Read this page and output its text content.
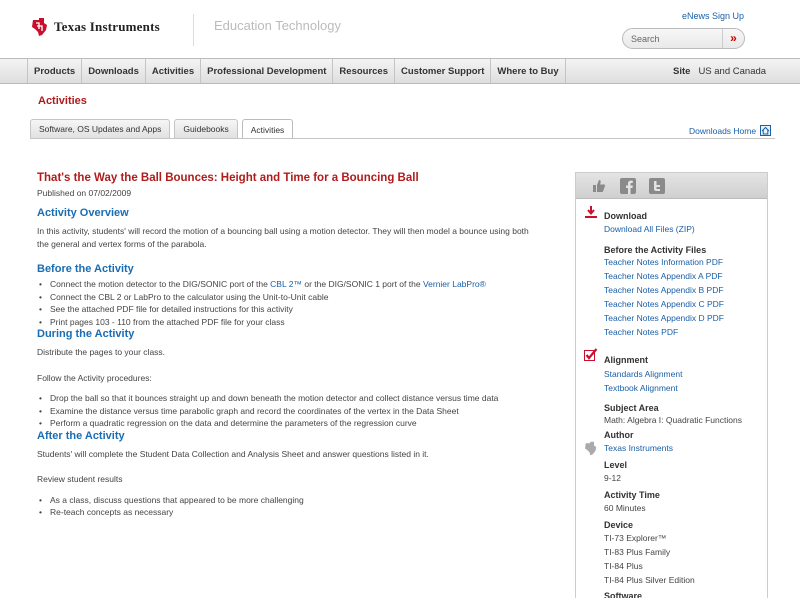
Texas Instruments	Education Technology
eNews Sign Up
Search
»
Products	Downloads	Activities	Professional Development	Resources	Customer Support	Where to Buy	Site US and Canada
Activities
Software, OS Updates and Apps	Guidebooks	Activities	Downloads Home
That's the Way the Ball Bounces: Height and Time for a Bouncing Ball
Published on 07/02/2009
Activity Overview
In this activity, students' will record the motion of a bouncing ball using a motion detector. They will then model a bounce using both the general and vertex forms of the parabola.
Before the Activity
• Connect the motion detector to the DIG/SONIC port of the CBL 2™ or the DIG/SONIC 1 port of the Vernier LabPro®
• Connect the CBL 2 or LabPro to the calculator using the Unit-to-Unit cable
• See the attached PDF file for detailed instructions for this activity
• Print pages 103 - 110 from the attached PDF file for your class
During the Activity
Distribute the pages to your class.
Follow the Activity procedures:
• Drop the ball so that it bounces straight up and down beneath the motion detector and collect distance versus time data
• Examine the distance versus time parabolic graph and record the coordinates of the vertex in the Data Sheet
• Perform a quadratic regression on the data and determine the parameters of the regression curve
After the Activity
Students' will complete the Student Data Collection and Analysis Sheet and answer questions listed in it.
Review student results
• As a class, discuss questions that appeared to be more challenging
• Re-teach concepts as necessary
Download
Download All Files (ZIP)
Before the Activity Files
Teacher Notes Information PDF
Teacher Notes Appendix A PDF
Teacher Notes Appendix B PDF
Teacher Notes Appendix C PDF
Teacher Notes Appendix D PDF
Teacher Notes PDF
Alignment
Standards Alignment
Textbook Alignment
Subject Area
Math: Algebra I: Quadratic Functions
Author
Texas Instruments
Level
9-12
Activity Time
60 Minutes
Device
TI-73 Explorer™
TI-83 Plus Family
TI-84 Plus
TI-84 Plus Silver Edition
Software
